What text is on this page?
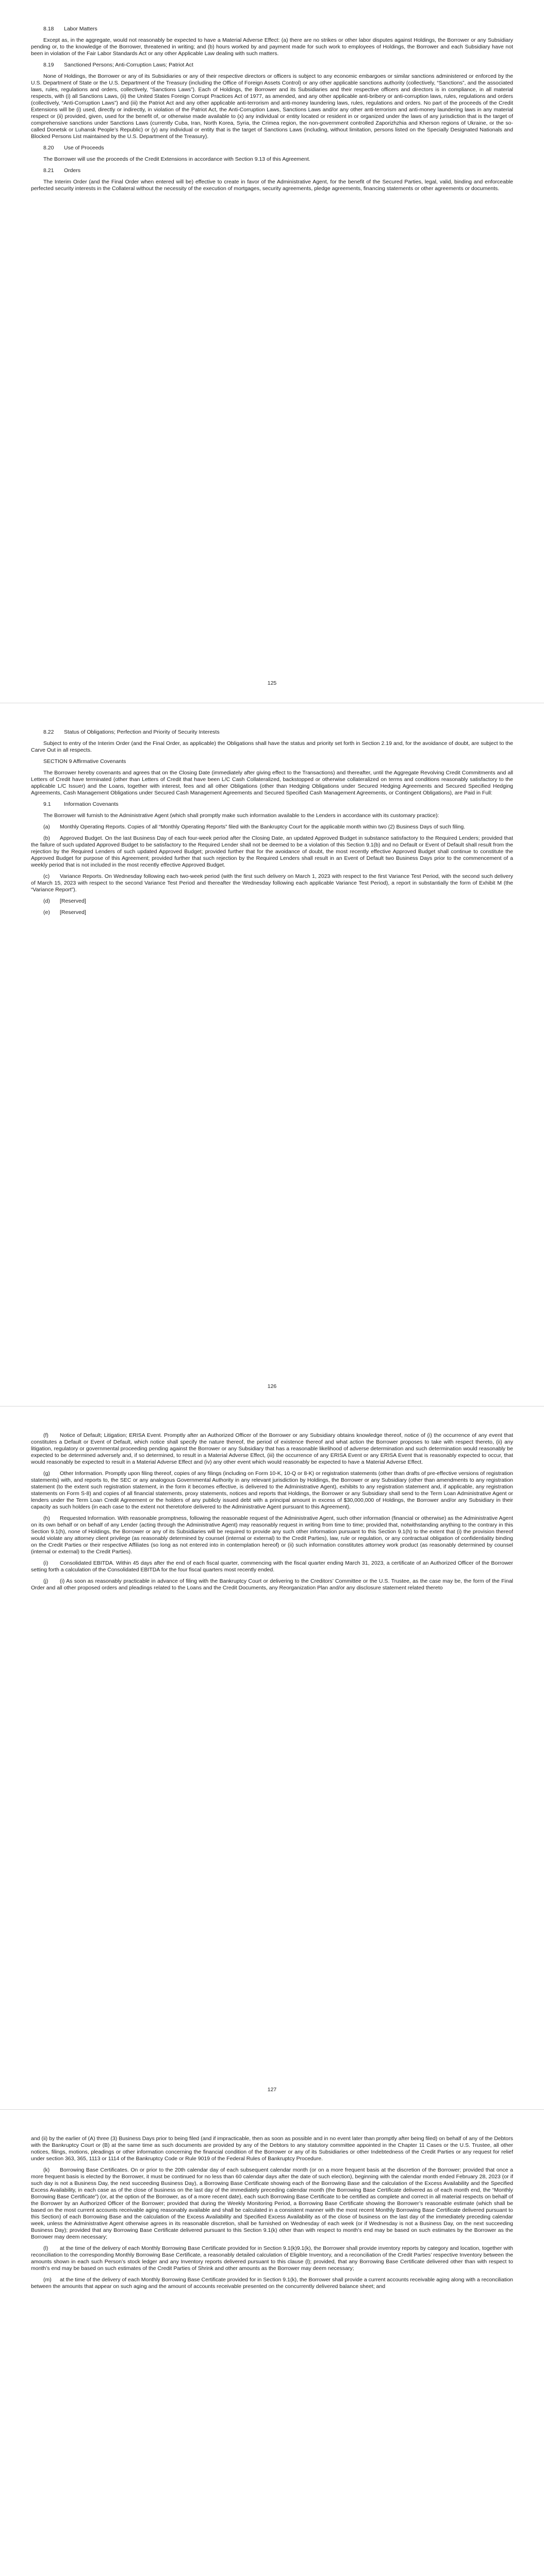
8.18 Labor Matters

Except as, in the aggregate, would not reasonably be expected to have a Material Adverse Effect: (a) there are no strikes or other labor disputes against Holdings, the Borrower or any Subsidiary pending or, to the knowledge of the Borrower, threatened in writing; and (b) hours worked by and payment made for such work to employees of Holdings, the Borrower and each Subsidiary have not been in violation of the Fair Labor Standards Act or any other Applicable Law dealing with such matters.

8.19 Sanctioned Persons; Anti-Corruption Laws; Patriot Act

None of Holdings, the Borrower or any of its Subsidiaries or any of their respective directors or officers is subject to any economic embargoes or similar sanctions administered or enforced by the U.S. Department of State or the U.S. Department of the Treasury (including the Office of Foreign Assets Control) or any other applicable sanctions authority (collectively, “Sanctions”, and the associated laws, rules, regulations and orders, collectively, “Sanctions Laws”). Each of Holdings, the Borrower and its Subsidiaries and their respective officers and directors is in compliance, in all material respects, with (i) all Sanctions Laws, (ii) the United States Foreign Corrupt Practices Act of 1977, as amended, and any other applicable anti-bribery or anti-corruption laws, rules, regulations and orders (collectively, “Anti-Corruption Laws”) and (iii) the Patriot Act and any other applicable anti-terrorism and anti-money laundering laws, rules, regulations and orders. No part of the proceeds of the Credit Extensions will be (i) used, directly or indirectly, in violation of the Patriot Act, the Anti-Corruption Laws, Sanctions Laws and/or any other anti-terrorism and anti-money laundering laws in any material respect or (ii) provided, given, used for the benefit of, or otherwise made available to (x) any individual or entity located or resident in or organized under the laws of any jurisdiction that is the target of comprehensive sanctions under Sanctions Laws (currently Cuba, Iran, North Korea, Syria, the Crimea region, the non-government controlled Zaporizhzhia and Kherson regions of Ukraine, or the so-called Donetsk or Luhansk People’s Republic) or (y) any individual or entity that is the target of Sanctions Laws (including, without limitation, persons listed on the Specially Designated Nationals and Blocked Persons List maintained by the U.S. Department of the Treasury).

8.20 Use of Proceeds

The Borrower will use the proceeds of the Credit Extensions in accordance with Section 9.13 of this Agreement.

8.21 Orders

The Interim Order (and the Final Order when entered will be) effective to create in favor of the Administrative Agent, for the benefit of the Secured Parties, legal, valid, binding and enforceable perfected security interests in the Collateral without the necessity of the execution of mortgages, security agreements, pledge agreements, financing statements or other agreements or documents.

125
8.22 Status of Obligations; Perfection and Priority of Security Interests

Subject to entry of the Interim Order (and the Final Order, as applicable) the Obligations shall have the status and priority set forth in Section 2.19 and, for the avoidance of doubt, are subject to the Carve Out in all respects.

SECTION 9 Affirmative Covenants

The Borrower hereby covenants and agrees that on the Closing Date (immediately after giving effect to the Transactions) and thereafter, until the Aggregate Revolving Credit Commitments and all Letters of Credit have terminated (other than Letters of Credit that have been L/C Cash Collateralized, backstopped or otherwise collateralized on terms and conditions reasonably satisfactory to the applicable L/C Issuer) and the Loans, together with interest, fees and all other Obligations (other than Hedging Obligations under Secured Hedging Agreements and Secured Specified Hedging Agreements, Cash Management Obligations under Secured Cash Management Agreements and Secured Specified Cash Management Agreements, or Contingent Obligations), are Paid in Full:

9.1 Information Covenants

The Borrower will furnish to the Administrative Agent (which shall promptly make such information available to the Lenders in accordance with its customary practice):

(a) Monthly Operating Reports. Copies of all “Monthly Operating Reports” filed with the Bankruptcy Court for the applicable month within two (2) Business Days of such filing.

(b) Approved Budget. On the last Business Day of each four-week period after the Closing Date, an updated Approved Budget in substance satisfactory to the Required Lenders; provided that the failure of such updated Approved Budget to be satisfactory to the Required Lender shall not be deemed to be a violation of this Section 9.1(b) and no Default or Event of Default shall result from the rejection by the Required Lenders of such updated Approved Budget; provided further that for the avoidance of doubt, the most recently effective Approved Budget shall continue to constitute the Approved Budget for purpose of this Agreement; provided further that such rejection by the Required Lenders shall result in an Event of Default two Business Days prior to the commencement of a weekly period that is not included in the most recently effective Approved Budget.

(c) Variance Reports. On Wednesday following each two-week period (with the first such delivery on March 1, 2023 with respect to the first Variance Test Period, with the second such delivery of March 15, 2023 with respect to the second Variance Test Period and thereafter the Wednesday following each applicable Variance Test Period), a report in substantially the form of Exhibit M (the “Variance Report”).

(d) [Reserved]

(e) [Reserved]

126

(f) Notice of Default; Litigation; ERISA Event. Promptly after an Authorized Officer of the Borrower or any Subsidiary obtains knowledge thereof, notice of (i) the occurrence of any event that constitutes a Default or Event of Default, which notice shall specify the nature thereof, the period of existence thereof and what action the Borrower proposes to take with respect thereto, (ii) any litigation, regulatory or governmental proceeding pending against the Borrower or any Subsidiary that has a reasonable likelihood of adverse determination and such determination would reasonably be expected to be determined adversely and, if so determined, to result in a Material Adverse Effect, (iii) the occurrence of any ERISA Event or any ERISA Event that is reasonably expected to occur, that would reasonably be expected to result in a Material Adverse Effect and (iv) any other event which would reasonably be expected to have a Material Adverse Effect.

(g) Other Information. Promptly upon filing thereof, copies of any filings (including on Form 10-K, 10-Q or 8-K) or registration statements (other than drafts of pre-effective versions of registration statements) with, and reports to, the SEC or any analogous Governmental Authority in any relevant jurisdiction by Holdings, the Borrower or any Subsidiary (other than amendments to any registration statement (to the extent such registration statement, in the form it becomes effective, is delivered to the Administrative Agent), exhibits to any registration statement and, if applicable, any registration statements on Form S-8) and copies of all financial statements, proxy statements, notices and reports that Holdings, the Borrower or any Subsidiary shall send to the Term Loan Administrative Agent or lenders under the Term Loan Credit Agreement or the holders of any publicly issued debt with a principal amount in excess of $30,000,000 of Holdings, the Borrower and/or any Subsidiary in their capacity as such holders (in each case to the extent not theretofore delivered to the Administrative Agent pursuant to this Agreement).

(h) Requested Information. With reasonable promptness, following the reasonable request of the Administrative Agent, such other information (financial or otherwise) as the Administrative Agent on its own behalf or on behalf of any Lender (acting through the Administrative Agent) may reasonably request in writing from time to time; provided that, notwithstanding anything to the contrary in this Section 9.1(h), none of Holdings, the Borrower or any of its Subsidiaries will be required to provide any such other information pursuant to this Section 9.1(h) to the extent that (i) the provision thereof would violate any attorney client privilege (as reasonably determined by counsel (internal or external) to the Credit Parties), law, rule or regulation, or any contractual obligation of confidentiality binding on the Credit Parties or their respective Affiliates (so long as not entered into in contemplation hereof) or (ii) such information constitutes attorney work product (as reasonably determined by counsel (internal or external) to the Credit Parties).

(i) Consolidated EBITDA. Within 45 days after the end of each fiscal quarter, commencing with the fiscal quarter ending March 31, 2023, a certificate of an Authorized Officer of the Borrower setting forth a calculation of the Consolidated EBITDA for the four fiscal quarters most recently ended.

(j) (i) As soon as reasonably practicable in advance of filing with the Bankruptcy Court or delivering to the Creditors’ Committee or the U.S. Trustee, as the case may be, the form of the Final Order and all other proposed orders and pleadings related to the Loans and the Credit Documents, any Reorganization Plan and/or any disclosure statement related thereto

127

and (ii) by the earlier of (A) three (3) Business Days prior to being filed (and if impracticable, then as soon as possible and in no event later than promptly after being filed) on behalf of any of the Debtors with the Bankruptcy Court or (B) at the same time as such documents are provided by any of the Debtors to any statutory committee appointed in the Chapter 11 Cases or the U.S. Trustee, all other notices, filings, motions, pleadings or other information concerning the financial condition of the Borrower or any of its Subsidiaries or other Indebtedness of the Credit Parties or any request for relief under section 363, 365, 1113 or 1114 of the Bankruptcy Code or Rule 9019 of the Federal Rules of Bankruptcy Procedure.

(k) Borrowing Base Certificates. On or prior to the 20th calendar day of each subsequent calendar month (or on a more frequent basis at the discretion of the Borrower; provided that once a more frequent basis is elected by the Borrower, it must be continued for no less than 60 calendar days after the date of such election), beginning with the calendar month ended February 28, 2023 (or if such day is not a Business Day, the next succeeding Business Day), a Borrowing Base Certificate showing each of the Borrowing Base and the calculation of the Excess Availability and the Specified Excess Availability, in each case as of the close of business on the last day of the immediately preceding calendar month (the Borrowing Base Certificate delivered as of each month end, the “Monthly Borrowing Base Certificate”) (or, at the option of the Borrower, as of a more recent date), each such Borrowing Base Certificate to be certified as complete and correct in all material respects on behalf of the Borrower by an Authorized Officer of the Borrower; provided that during the Weekly Monitoring Period, a Borrowing Base Certificate showing the Borrower’s reasonable estimate (which shall be based on the most current accounts receivable aging reasonably available and shall be calculated in a consistent manner with the most recent Monthly Borrowing Base Certificate delivered pursuant to this Section) of each Borrowing Base and the calculation of the Excess Availability and Specified Excess Availability as of the close of business on the last day of the immediately preceding calendar week, unless the Administrative Agent otherwise agrees in its reasonable discretion, shall be furnished on Wednesday of each week (or if Wednesday is not a Business Day, on the next succeeding Business Day); provided that any Borrowing Base Certificate delivered pursuant to this Section 9.1(k) other than with respect to month’s end may be based on such estimates by the Borrower as the Borrower may deem necessary;

(l) at the time of the delivery of each Monthly Borrowing Base Certificate provided for in Section 9.1(k)9.1(k), the Borrower shall provide inventory reports by category and location, together with reconciliation to the corresponding Monthly Borrowing Base Certificate, a reasonably detailed calculation of Eligible Inventory, and a reconciliation of the Credit Parties’ respective Inventory between the amounts shown in each such Person’s stock ledger and any Inventory reports delivered pursuant to this clause (l); provided, that any Borrowing Base Certificate delivered other than with respect to month’s end may be based on such estimates of the Credit Parties of Shrink and other amounts as the Borrower may deem necessary;

(m) at the time of the delivery of each Monthly Borrowing Base Certificate provided for in Section 9.1(k), the Borrower shall provide a current accounts receivable aging along with a reconciliation between the amounts that appear on such aging and the amount of accounts receivable presented on the concurrently delivered balance sheet; and
